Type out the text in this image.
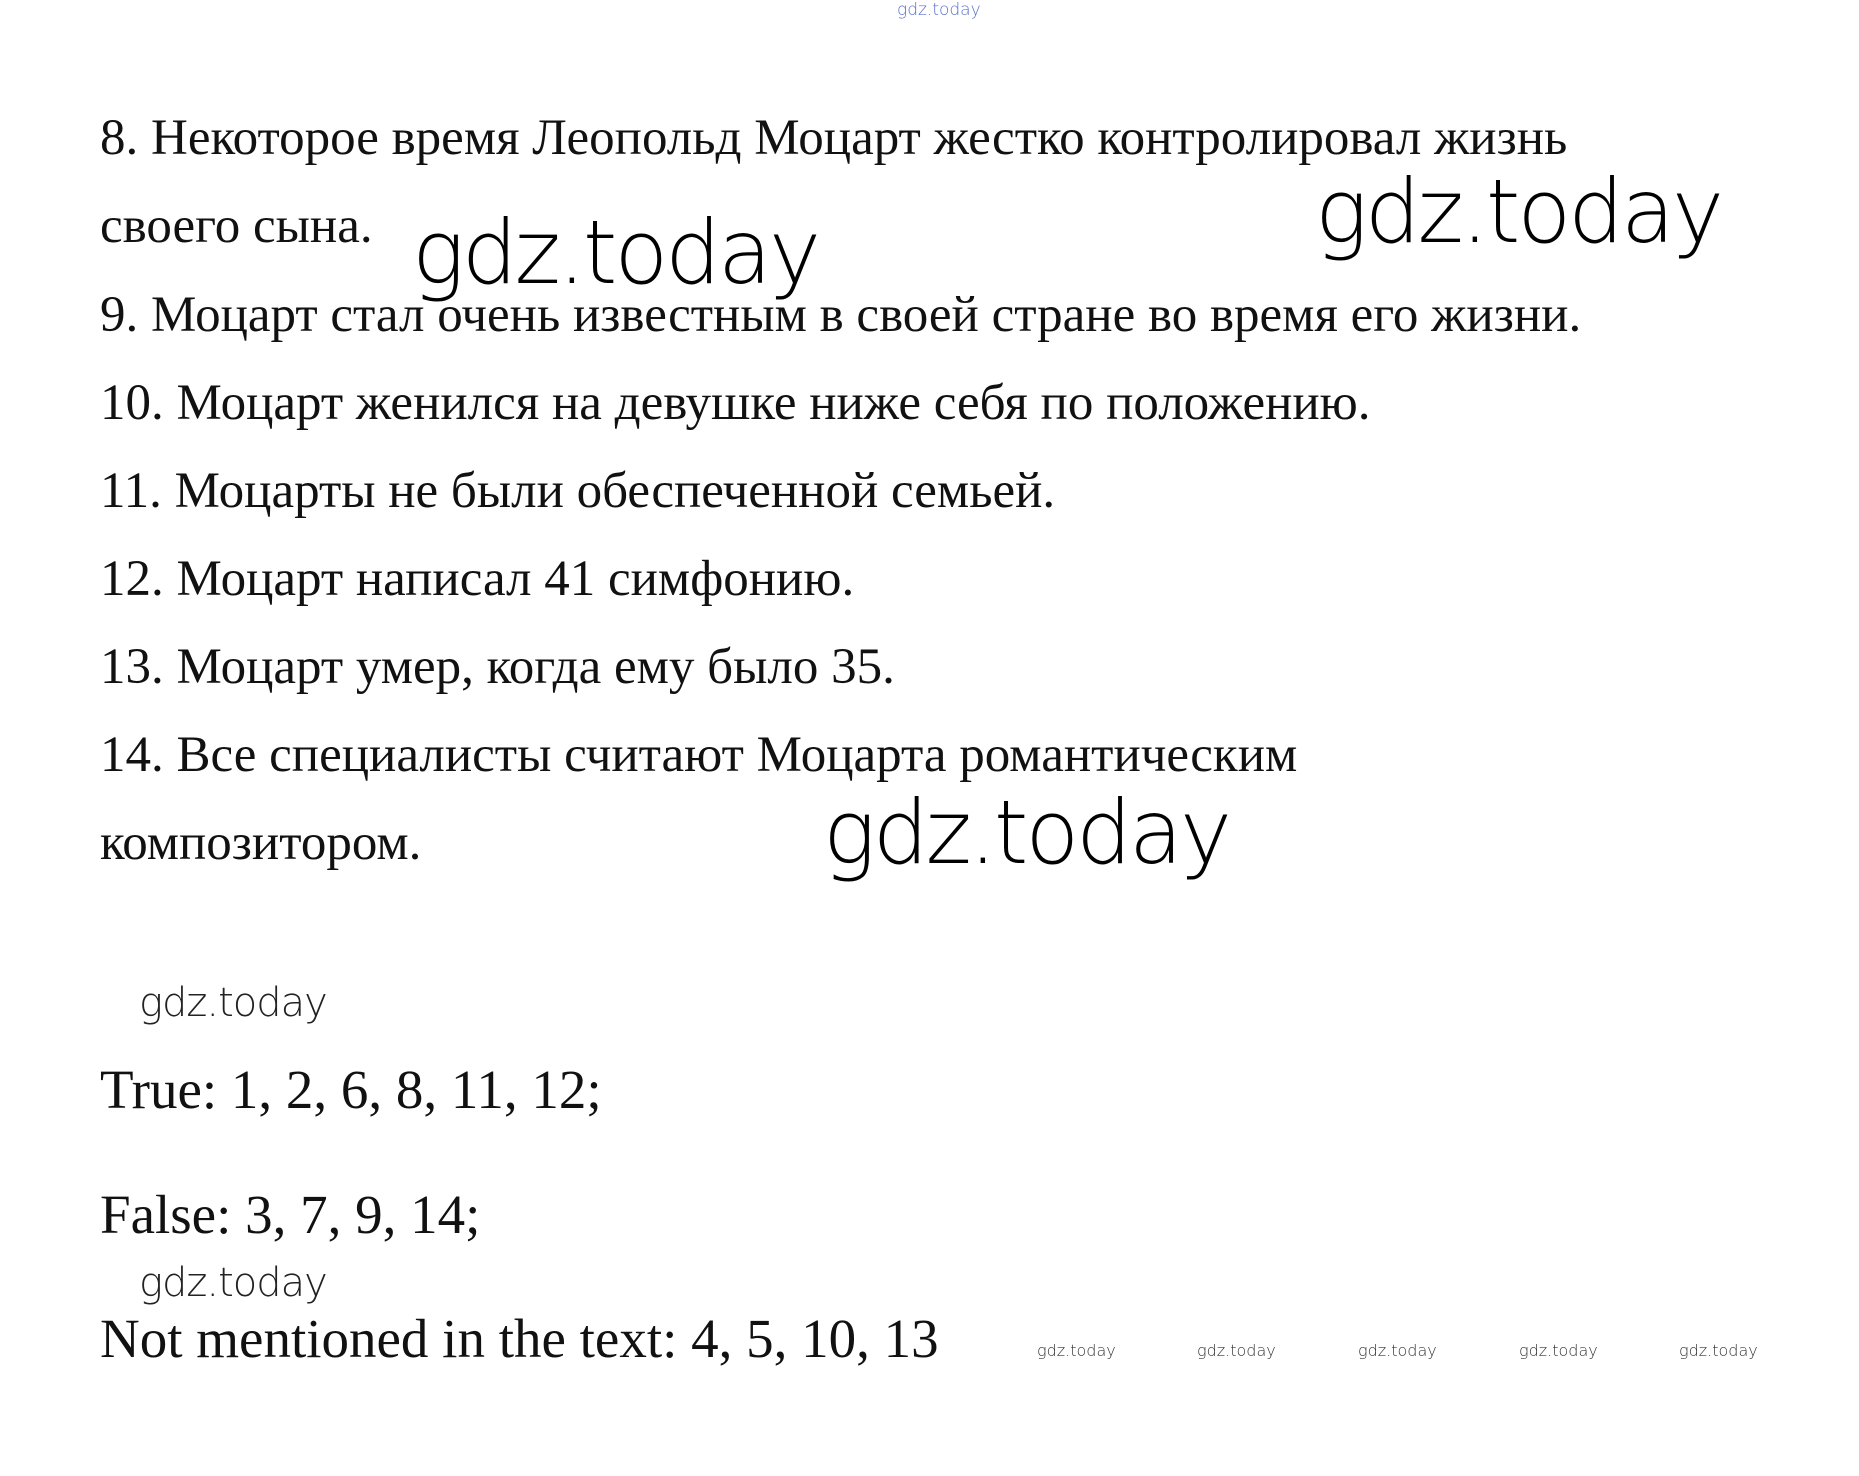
gdz.today
8. Некоторое время Леопольд Моцарт жестко контролировал жизнь
своего сына.
9. Моцарт стал очень известным в своей стране во время его жизни.
10. Моцарт женился на девушке ниже себя по положению.
11. Моцарты не были обеспеченной семьей.
12. Моцарт написал 41 симфонию.
13. Моцарт умер, когда ему было 35.
14. Все специалисты считают Моцарта романтическим
композитором.
gdz.today	gdz.today
gdz.today
gdz.today
gdz.today
True: 1, 2, 6, 8, 11, 12;
False: 3, 7, 9, 14;
Not mentioned in the text: 4, 5, 10, 13	gdz.today	gdz.today	gdz.today	gdz.today	gdz.today
